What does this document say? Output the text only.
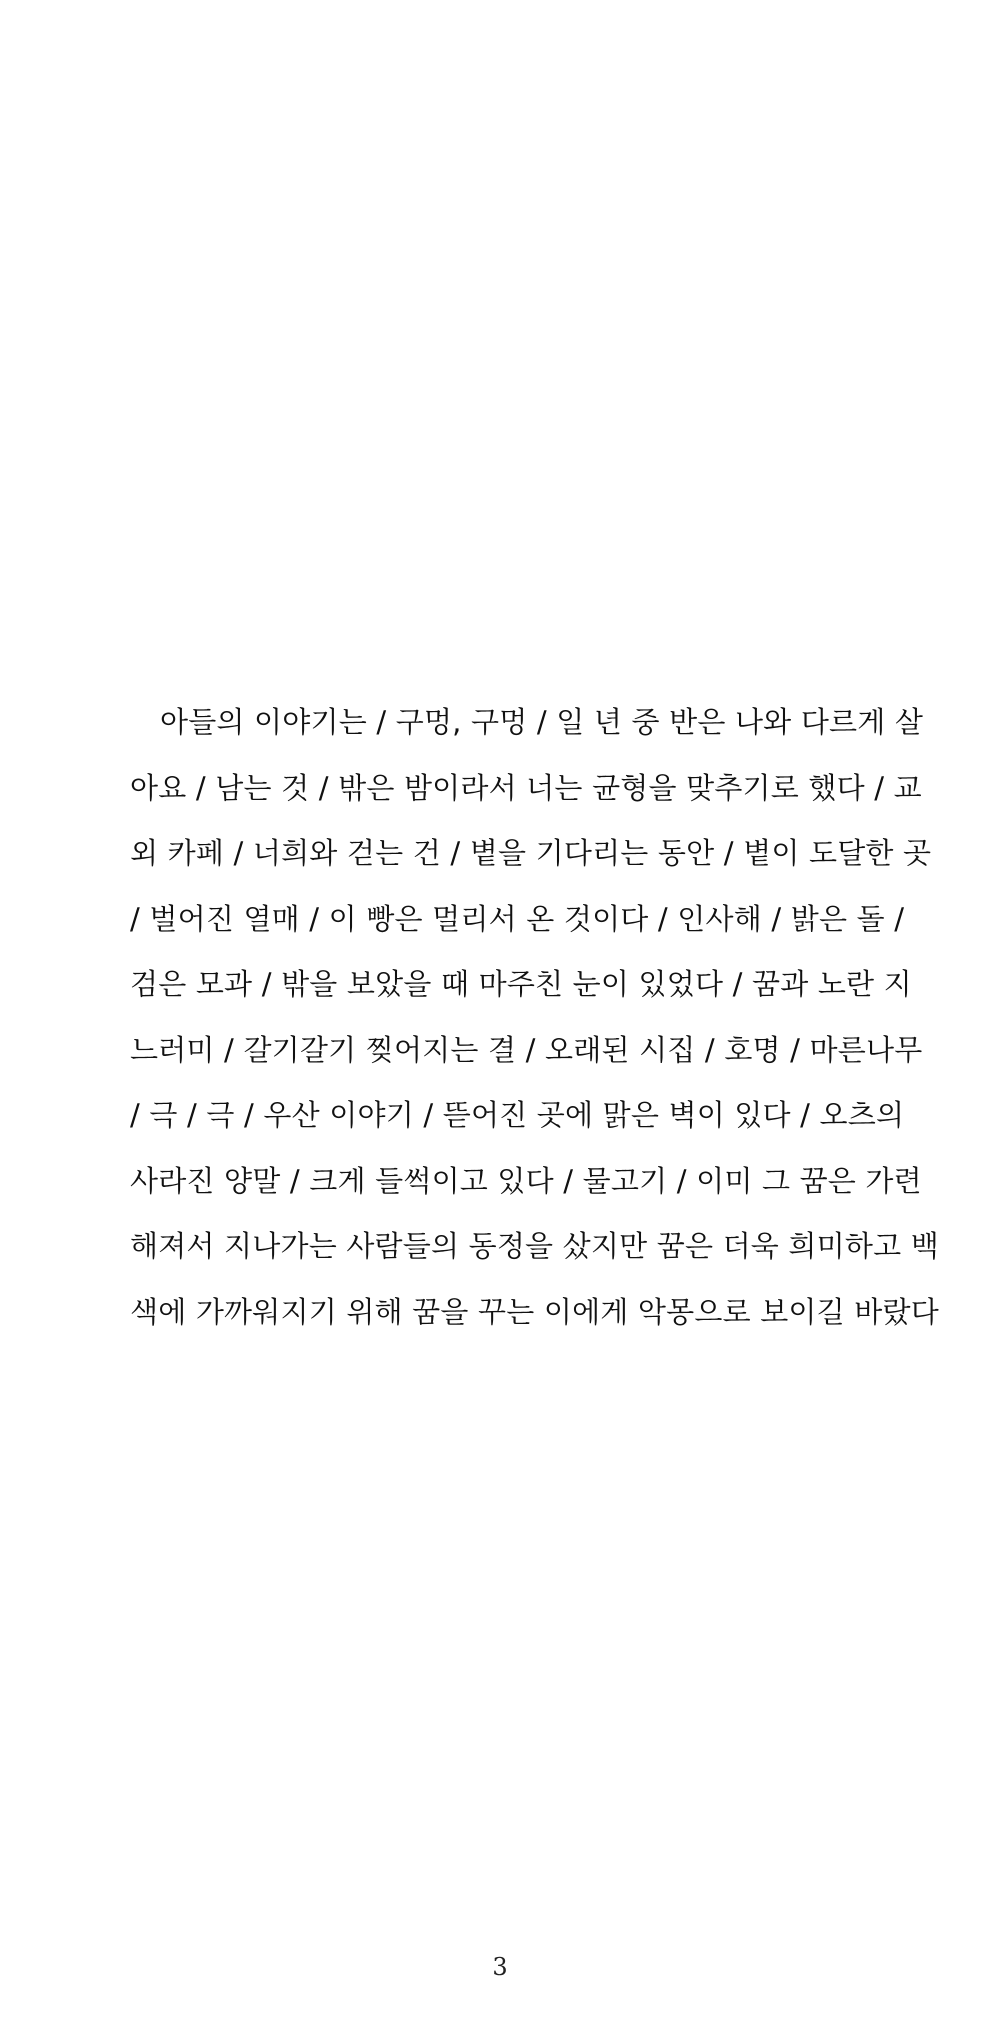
아들의 이야기는 / 구멍, 구멍 / 일 년 중 반은 나와 다르게 살
아요 / 남는 것 / 밖은 밤이라서 너는 균형을 맞추기로 했다 / 교
외 카페 / 너희와 걷는 건 / 볕을 기다리는 동안 / 볕이 도달한 곳
/ 벌어진 열매 / 이 빵은 멀리서 온 것이다 / 인사해 / 밝은 돌 /
검은 모과 / 밖을 보았을 때 마주친 눈이 있었다 / 꿈과 노란 지
느러미 / 갈기갈기 찢어지는 결 / 오래된 시집 / 호명 / 마른나무
/ 극 / 극 / 우산 이야기 / 뜯어진 곳에 맑은 벽이 있다 / 오츠의
사라진 양말 / 크게 들썩이고 있다 / 물고기 / 이미 그 꿈은 가련
해져서 지나가는 사람들의 동정을 샀지만 꿈은 더욱 희미하고 백
색에 가까워지기 위해 꿈을 꾸는 이에게 악몽으로 보이길 바랐다
3
